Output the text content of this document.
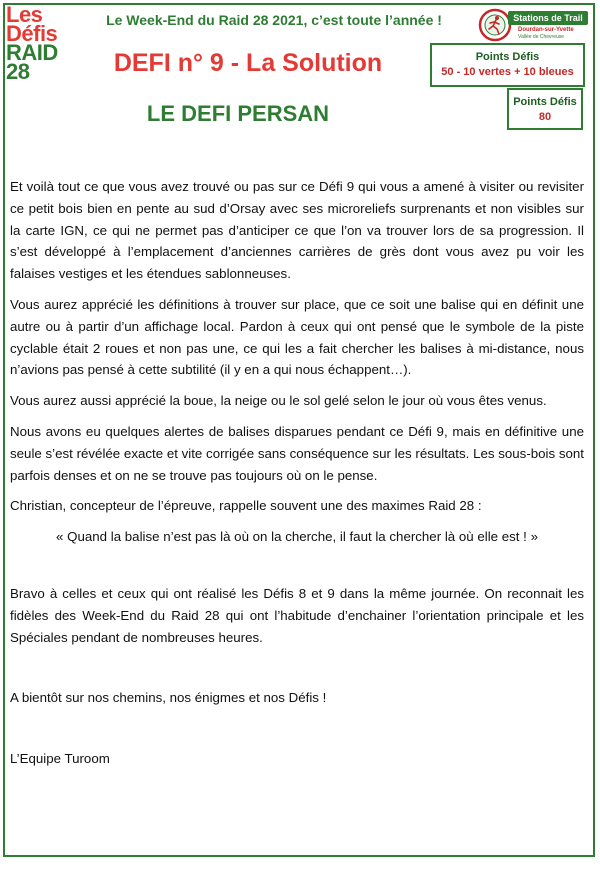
Les
Défis
RAID
28
Le Week-End du Raid 28 2021, c’est toute l’année !	Stations de Trail
Dourdan-sur-Yvette
Vallée de Chevreuse
DEFI n° 9 - La Solution
LE DEFI PERSAN
Points Défis
50 - 10 vertes + 10 bleues
Points Défis
80

Et voilà tout ce que vous avez trouvé ou pas sur ce Défi 9 qui vous a amené à visiter ou revisiter ce petit bois bien en pente au sud d’Orsay avec ses microreliefs surprenants et non visibles sur la carte IGN, ce qui ne permet pas d’anticiper ce que l’on va trouver lors de sa progression. Il s’est développé à l’emplacement d’anciennes carrières de grès dont vous avez pu voir les falaises vestiges et les étendues sablonneuses.

Vous aurez apprécié les définitions à trouver sur place, que ce soit une balise qui en définit une autre ou à partir d’un affichage local. Pardon à ceux qui ont pensé que le symbole de la piste cyclable était 2 roues et non pas une, ce qui les a fait chercher les balises à mi-distance, nous n’avions pas pensé à cette subtilité (il y en a qui nous échappent…).

Vous aurez aussi apprécié la boue, la neige ou le sol gelé selon le jour où vous êtes venus.

Nous avons eu quelques alertes de balises disparues pendant ce Défi 9, mais en définitive une seule s’est révélée exacte et vite corrigée sans conséquence sur les résultats. Les sous-bois sont parfois denses et on ne se trouve pas toujours où on le pense.

Christian, concepteur de l’épreuve, rappelle souvent une des maximes Raid 28 :

« Quand la balise n’est pas là où on la cherche, il faut la chercher là où elle est ! »

Bravo à celles et ceux qui ont réalisé les Défis 8 et 9 dans la même journée. On reconnait les fidèles des Week-End du Raid 28 qui ont l’habitude d’enchainer l’orientation principale et les Spéciales pendant de nombreuses heures.

A bientôt sur nos chemins, nos énigmes et nos Défis !

L’Equipe Turoom
